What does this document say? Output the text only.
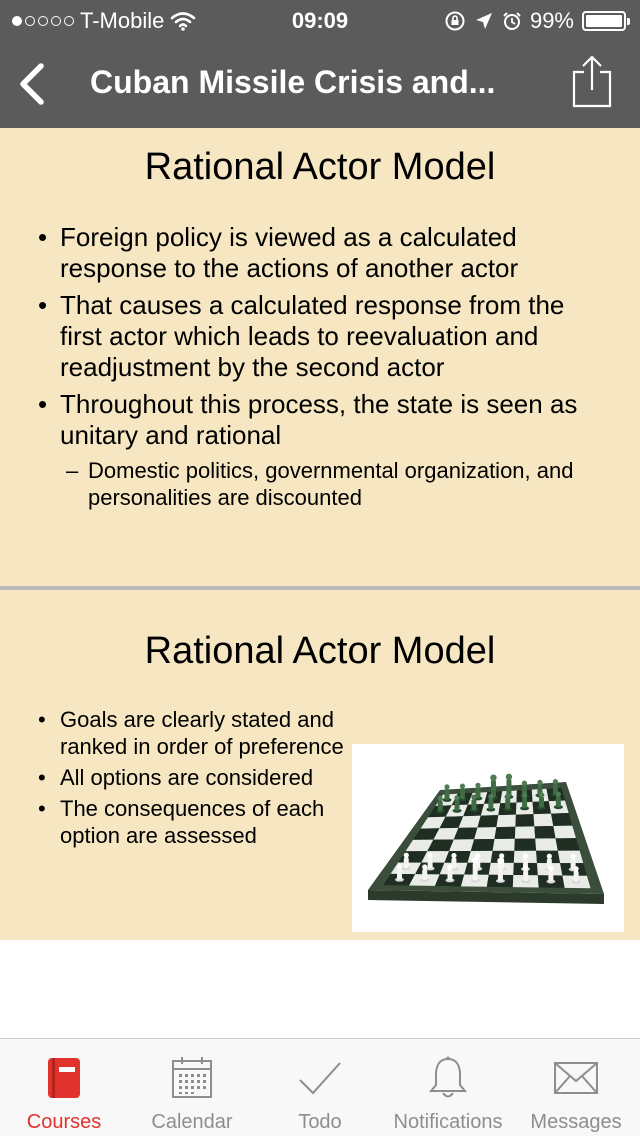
T-Mobile	09:09	99%
Cuban Missile Crisis and...
Rational Actor Model
• Foreign policy is viewed as a calculated response to the actions of another actor
• That causes a calculated response from the first actor which leads to reevaluation and readjustment by the second actor
• Throughout this process, the state is seen as unitary and rational
– Domestic politics, governmental organization, and personalities are discounted
Rational Actor Model
• Goals are clearly stated and ranked in order of preference
• All options are considered
• The consequences of each option are assessed
Courses	Calendar	Todo	Notifications Messages
